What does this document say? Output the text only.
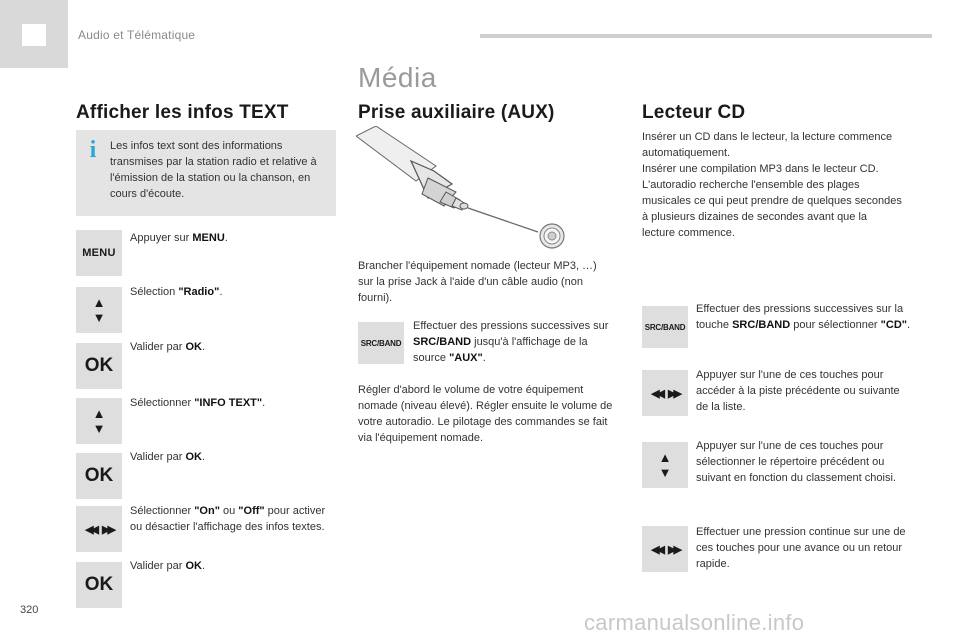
Audio et Télématique
Média
Afficher les infos TEXT
i	Les infos text sont des informations transmises par la station radio et relative à l'émission de la station ou la chanson, en cours d'écoute.
MENU
▲
▼
OK
▲
▼
OK
◀◀ ▶▶
OK
Appuyer sur MENU.
Sélection "Radio".
Valider par OK.
Sélectionner "INFO TEXT".
Valider par OK.
Sélectionner "On" ou "Off" pour activer ou désactier l'affichage des infos textes.
Valider par OK.
Prise auxiliaire (AUX)
Brancher l'équipement nomade (lecteur MP3, …) sur la prise Jack à l'aide d'un câble audio (non fourni).
SRC/BAND
Effectuer des pressions successives sur SRC/BAND jusqu'à l'affichage de la source "AUX".
Régler d'abord le volume de votre équipement nomade (niveau élevé). Régler ensuite le volume de votre autoradio. Le pilotage des commandes se fait via l'équipement nomade.
Lecteur CD
Insérer un CD dans le lecteur, la lecture commence automatiquement.
Insérer une compilation MP3 dans le lecteur CD.
L'autoradio recherche l'ensemble des plages musicales ce qui peut prendre de quelques secondes à plusieurs dizaines de secondes avant que la lecture commence.
SRC/BAND
Effectuer des pressions successives sur la touche SRC/BAND pour sélectionner "CD".
◀◀ ▶▶
Appuyer sur l'une de ces touches pour accéder à la piste précédente ou suivante de la liste.
▲
▼
Appuyer sur l'une de ces touches pour sélectionner le répertoire précédent ou suivant en fonction du classement choisi.
◀◀ ▶▶
Effectuer une pression continue sur une de ces touches pour une avance ou un retour rapide.
320	carmanualsonline.info
